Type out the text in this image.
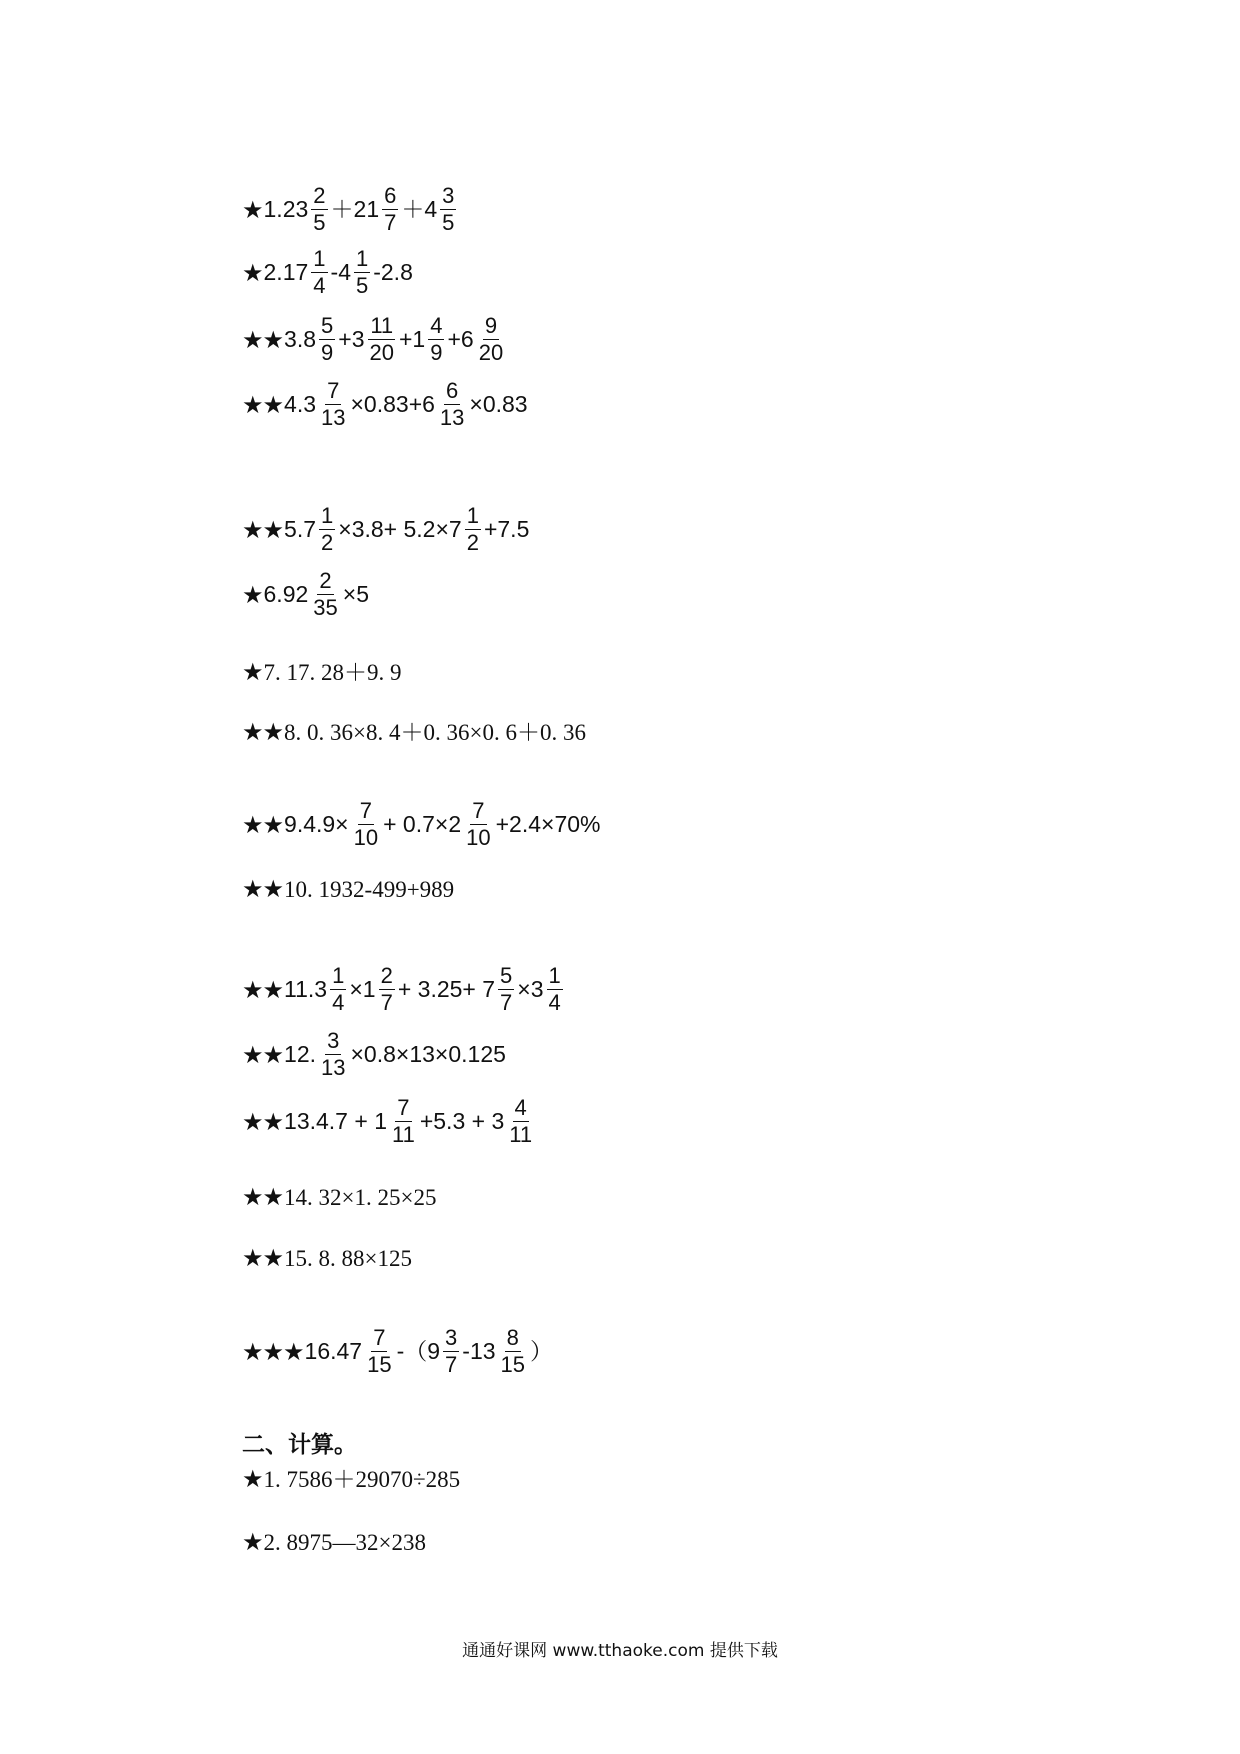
★ $1.23 \frac{2}{5} +21 \frac{6}{7} +4 \frac{3}{5}$
★ $2.17 \frac{1}{4} -4 \frac{1}{5} -2.8$
★★ $3.8 \frac{5}{9} +3 \frac{11}{20} +1 \frac{4}{9} +6 \frac{9}{20}$
★★ $4.3 \frac{7}{13} \times 0.83+6 \frac{6}{13} \times 0.83$
★★ $5.7 \frac{1}{2} \times 3.8+ 5.2\times 7 \frac{1}{2} +7.5$
★ $6.92 \frac{2}{35} \times 5$
★ 7. 17. 28＋9. 9
★★ 8. 0. 36×8. 4＋0. 36×0. 6＋0. 36
★★ $9.4.9\times \frac{7}{10} + 0.7\times 2 \frac{7}{10} +2.4\times 70\%$
★★ 10. 1932-499+989
★★ $11.3 \frac{1}{4} \times 1 \frac{2}{7} + 3.25+ 7 \frac{5}{7} \times 3 \frac{1}{4}$
★★ 12. $\frac{3}{13} \times 0.8\times 13\times 0.125$
★★ $13.4.7 + 1 \frac{7}{11} +5.3 + 3 \frac{4}{11}$
★★ 14. 32×1. 25×25
★★ 15. 8. 88×125
★★★ $16.47 \frac{7}{15} -(9 \frac{3}{7} -13 \frac{8}{15}$ ）
★ 1. 7586＋29070÷285
★ 2. 8975—32×238
二、计算。
通通好课网 www.tthaoke.com 提供下载
